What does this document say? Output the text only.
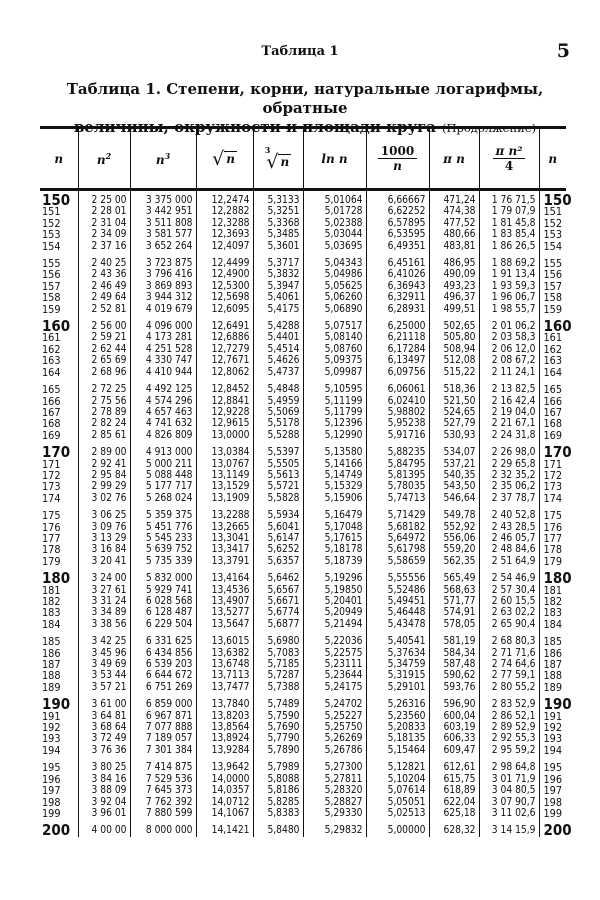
Таблица 1	5
Таблица 1. Степени, корни, натуральные логарифмы, обратные
величины, окружности и площади круга (Продолжение)
n	$n^2$	$n^3$	√ n	$^3$√ n	ln n	$\frac{1000}{n}$	π n	$\frac{\text{π n²}}{4}$	n
150	2 25 00	3 375 000	12,2474	5,3133	5,01064	6,66667	471,24	1 76 71,5	150
151	2 28 01	3 442 951	12,2882	5,3251	5,01728	6,62252	474,38	1 79 07,9	151
152	2 31 04	3 511 808	12,3288	5,3368	5,02388	6,57895	477,52	1 81 45,8	152
153	2 34 09	3 581 577	12,3693	5,3485	5,03044	6,53595	480,66	1 83 85,4	153
154	2 37 16	3 652 264	12,4097	5,3601	5,03695	6,49351	483,81	1 86 26,5	154
155	2 40 25	3 723 875	12,4499	5,3717	5,04343	6,45161	486,95	1 88 69,2	155
156	2 43 36	3 796 416	12,4900	5,3832	5,04986	6,41026	490,09	1 91 13,4	156
157	2 46 49	3 869 893	12,5300	5,3947	5,05625	6,36943	493,23	1 93 59,3	157
158	2 49 64	3 944 312	12,5698	5,4061	5,06260	6,32911	496,37	1 96 06,7	158
159	2 52 81	4 019 679	12,6095	5,4175	5,06890	6,28931	499,51	1 98 55,7	159
160	2 56 00	4 096 000	12,6491	5,4288	5,07517	6,25000	502,65	2 01 06,2	160
161	2 59 21	4 173 281	12,6886	5,4401	5,08140	6,21118	505,80	2 03 58,3	161
162	2 62 44	4 251 528	12,7279	5,4514	5,08760	6,17284	508,94	2 06 12,0	162
163	2 65 69	4 330 747	12,7671	5,4626	5,09375	6,13497	512,08	2 08 67,2	163
164	2 68 96	4 410 944	12,8062	5,4737	5,09987	6,09756	515,22	2 11 24,1	164
165	2 72 25	4 492 125	12,8452	5,4848	5,10595	6,06061	518,36	2 13 82,5	165
166	2 75 56	4 574 296	12,8841	5,4959	5,11199	6,02410	521,50	2 16 42,4	166
167	2 78 89	4 657 463	12,9228	5,5069	5,11799	5,98802	524,65	2 19 04,0	167
168	2 82 24	4 741 632	12,9615	5,5178	5,12396	5,95238	527,79	2 21 67,1	168
169	2 85 61	4 826 809	13,0000	5,5288	5,12990	5,91716	530,93	2 24 31,8	169
170	2 89 00	4 913 000	13,0384	5,5397	5,13580	5,88235	534,07	2 26 98,0	170
171	2 92 41	5 000 211	13,0767	5,5505	5,14166	5,84795	537,21	2 29 65,8	171
172	2 95 84	5 088 448	13,1149	5,5613	5,14749	5,81395	540,35	2 32 35,2	172
173	2 99 29	5 177 717	13,1529	5,5721	5,15329	5,78035	543,50	2 35 06,2	173
174	3 02 76	5 268 024	13,1909	5,5828	5,15906	5,74713	546,64	2 37 78,7	174
175	3 06 25	5 359 375	13,2288	5,5934	5,16479	5,71429	549,78	2 40 52,8	175
176	3 09 76	5 451 776	13,2665	5,6041	5,17048	5,68182	552,92	2 43 28,5	176
177	3 13 29	5 545 233	13,3041	5,6147	5,17615	5,64972	556,06	2 46 05,7	177
178	3 16 84	5 639 752	13,3417	5,6252	5,18178	5,61798	559,20	2 48 84,6	178
179	3 20 41	5 735 339	13,3791	5,6357	5,18739	5,58659	562,35	2 51 64,9	179
180	3 24 00	5 832 000	13,4164	5,6462	5,19296	5,55556	565,49	2 54 46,9	180
181	3 27 61	5 929 741	13,4536	5,6567	5,19850	5,52486	568,63	2 57 30,4	181
182	3 31 24	6 028 568	13,4907	5,6671	5,20401	5,49451	571,77	2 60 15,5	182
183	3 34 89	6 128 487	13,5277	5,6774	5,20949	5,46448	574,91	2 63 02,2	183
184	3 38 56	6 229 504	13,5647	5,6877	5,21494	5,43478	578,05	2 65 90,4	184
185	3 42 25	6 331 625	13,6015	5,6980	5,22036	5,40541	581,19	2 68 80,3	185
186	3 45 96	6 434 856	13,6382	5,7083	5,22575	5,37634	584,34	2 71 71,6	186
187	3 49 69	6 539 203	13,6748	5,7185	5,23111	5,34759	587,48	2 74 64,6	187
188	3 53 44	6 644 672	13,7113	5,7287	5,23644	5,31915	590,62	2 77 59,1	188
189	3 57 21	6 751 269	13,7477	5,7388	5,24175	5,29101	593,76	2 80 55,2	189
190	3 61 00	6 859 000	13,7840	5,7489	5,24702	5,26316	596,90	2 83 52,9	190
191	3 64 81	6 967 871	13,8203	5,7590	5,25227	5,23560	600,04	2 86 52,1	191
192	3 68 64	7 077 888	13,8564	5,7690	5,25750	5,20833	603,19	2 89 52,9	192
193	3 72 49	7 189 057	13,8924	5,7790	5,26269	5,18135	606,33	2 92 55,3	193
194	3 76 36	7 301 384	13,9284	5,7890	5,26786	5,15464	609,47	2 95 59,2	194
195	3 80 25	7 414 875	13,9642	5,7989	5,27300	5,12821	612,61	2 98 64,8	195
196	3 84 16	7 529 536	14,0000	5,8088	5,27811	5,10204	615,75	3 01 71,9	196
197	3 88 09	7 645 373	14,0357	5,8186	5,28320	5,07614	618,89	3 04 80,5	197
198	3 92 04	7 762 392	14,0712	5,8285	5,28827	5,05051	622,04	3 07 90,7	198
199	3 96 01	7 880 599	14,1067	5,8383	5,29330	5,02513	625,18	3 11 02,6	199
200	4 00 00	8 000 000	14,1421	5,8480	5,29832	5,00000	628,32	3 14 15,9	200
